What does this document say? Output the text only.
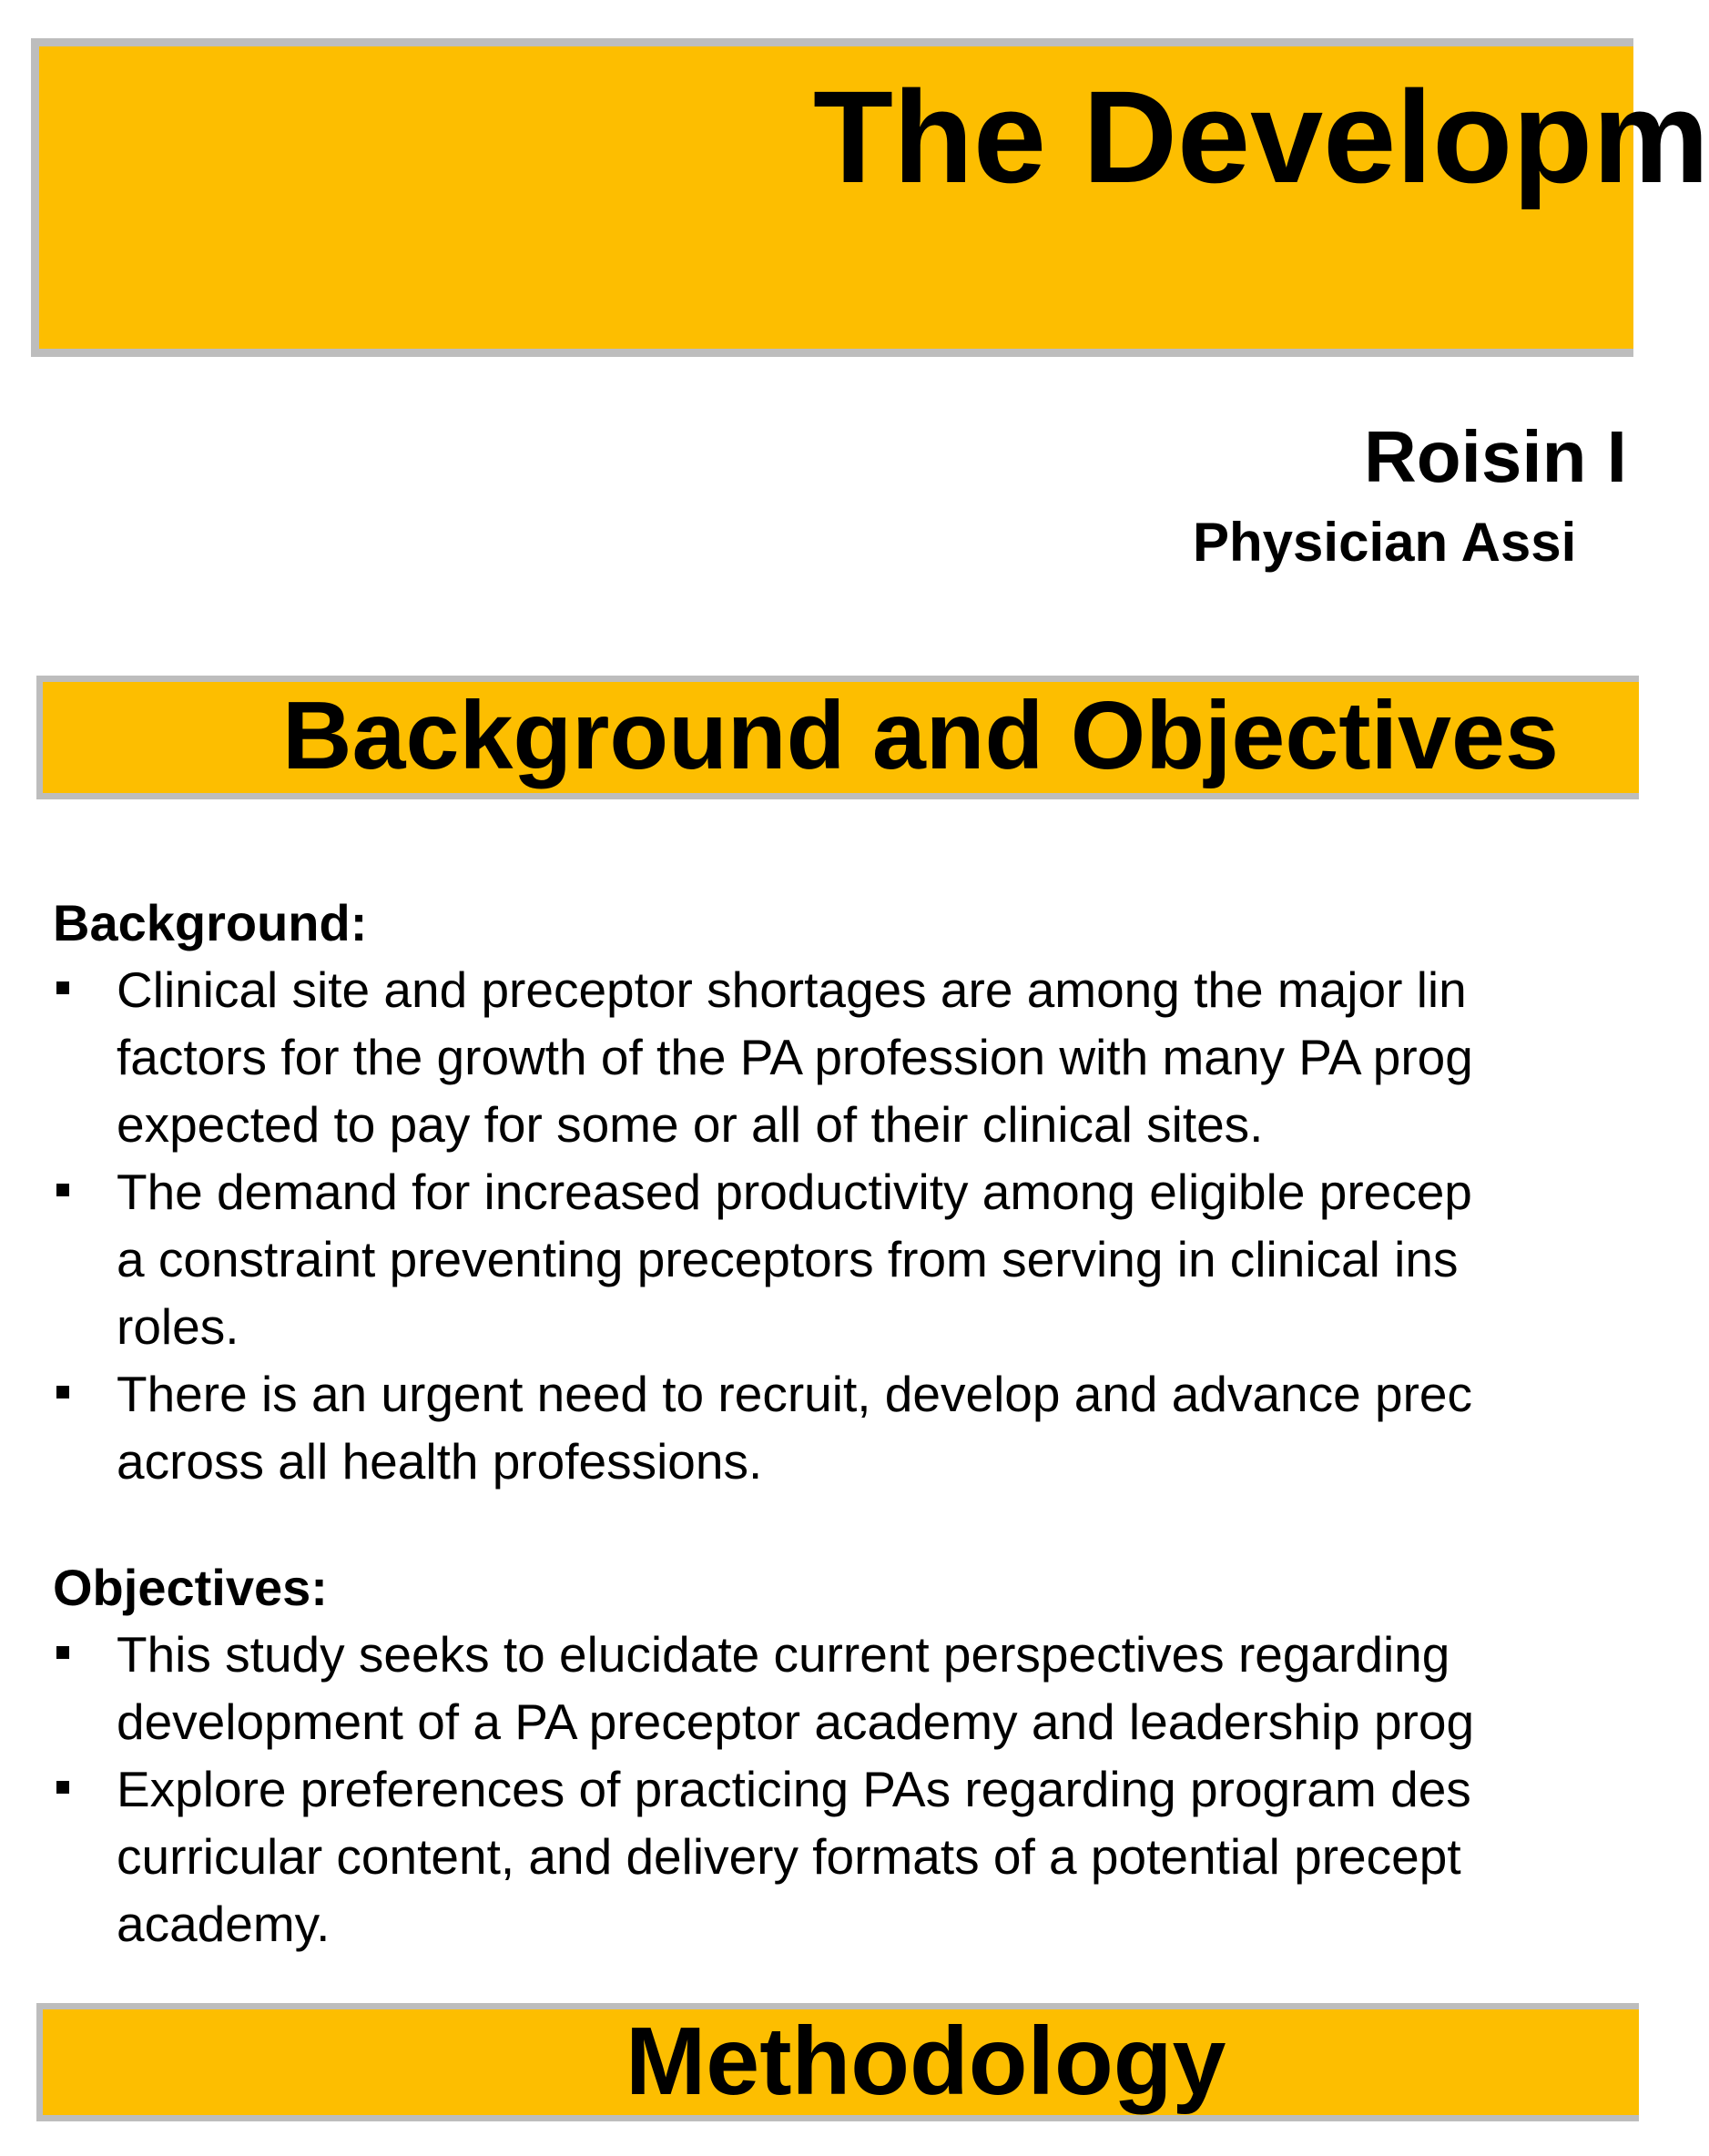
The Developm

Roisin I

Physician Assi

Background and Objectives

Background:

Clinical site and preceptor shortages are among the major lin
factors for the growth of the PA profession with many PA prog
expected to pay for some or all of their clinical sites.
The demand for increased productivity among eligible precep
a constraint preventing preceptors from serving in clinical ins
roles.
There is an urgent need to recruit, develop and advance prec
across all health professions.

Objectives:

This study seeks to elucidate current perspectives regarding
development of a PA preceptor academy and leadership prog
Explore preferences of practicing PAs regarding program des
curricular content, and delivery formats of a potential precept
academy.
Methodology
